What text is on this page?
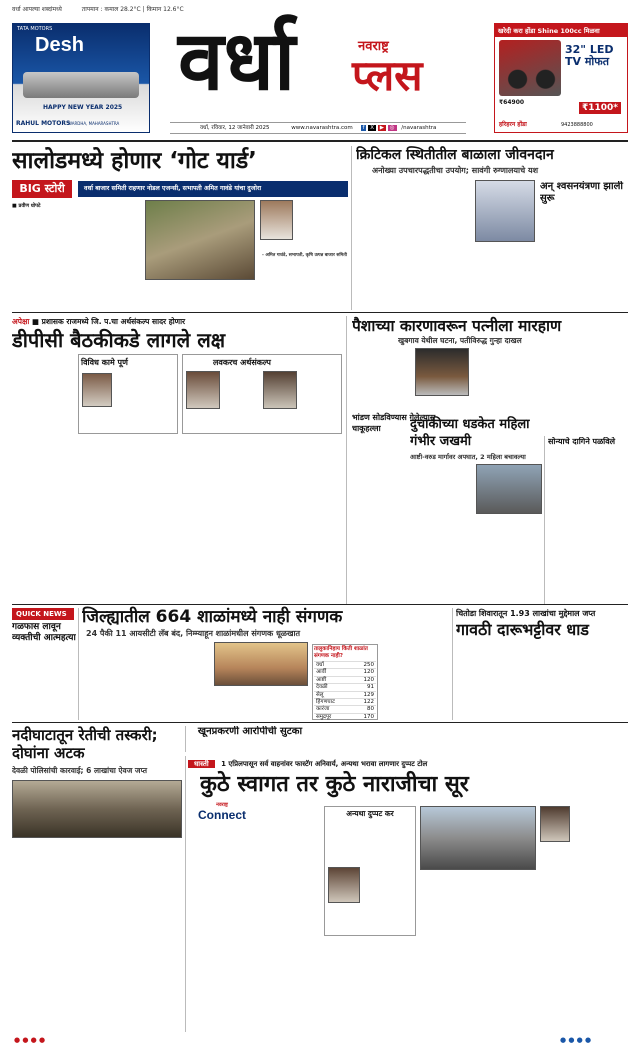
वर्धा आपल्या शब्दांमध्ये	तापमान : कमाल 28.2°C | किमान 12.6°C
TATA MOTORS
Desh
HAPPY NEW YEAR 2025
RAHUL MOTORS
WARDHA, MAHARASHTRA
वर्धा	नवराष्ट्र
प्लस
वर्धा, रविवार, 12 जानेवारी 2025	www.navarashtra.com f X ▶ ◎ /navarashtra
खरेदी करा होंडा Shine 100cc मिळवा
32" LED TV मोफत
₹64900
₹1100*
हरिहरन होंडा	9423888800
सालोडमध्ये होणार ‘गोट यार्ड’
BIG स्टोरी	वर्धा बाजार समिती राहणार नोडल एजन्सी, सभापती अमित गावंडे यांचा दुजोरा
■ प्रवीण धोपटे
- अमित गावंडे, सभापती, कृषि उत्पन्न बाजार समिती
क्रिटिकल स्थितीतील बाळाला जीवनदान
अनोख्या उपचारपद्धतीचा उपयोग; सावंगी रुग्णालयाचे यश
अन् श्वसनयंत्रणा झाली सुरू
अपेक्षा ■ प्रशासक राजमध्ये जि. प.चा अर्थसंकल्प सादर होणार
डीपीसी बैठकीकडे लागले लक्ष
विविध कामे पूर्ण	लवकरच अर्थसंकल्प
पैशाच्या कारणावरून पत्नीला मारहाण
खुबगाव येथील घटना, पतीविरुद्ध गुन्हा दाखल
सोन्याचे दागिने पळविले
भांडण सोडविण्यास गेलेल्यास चाकूहल्ला	दुचाकीच्या धडकेत महिला गंभीर जखमी
आष्टी-वरुड मार्गावर अपघात, 2 महिला बचावल्या
QUICK NEWS
गळफास लावून व्यक्तीची आत्महत्या
जिल्ह्यातील 664 शाळांमध्ये नाही संगणक
24 पैकी 11 आयसीटी लॅब बंद, निम्म्याहून शाळांमधील संगणक धूळखात
तालुकानिहाय किती शाळांत संगणक नाही?
वर्धा	250
आर्वी	120
आष्टी	120
देवळी	91
सेलू	129
हिंगणघाट	122
कारंजा	80
समुद्रपूर	170
चितोडा शिवारातून 1.93 लाखांचा मुद्देमाल जप्त
गावठी दारूभट्टीवर धाड
नदीघाटातून रेतीची तस्करी; दोघांना अटक
देवळी पोलिसांची कारवाई; 6 लाखांचा ऐवज जप्त
खूनप्रकरणी आरोपीची सुटका
धास्ती 1 एप्रिलपासून सर्व वाहनांवर फास्टॅग अनिवार्य, अन्यथा भरावा लागणार दुप्पट टोल
कुठे स्वागत तर कुठे नाराजीचा सूर
नवराष्ट्र
Connect	अन्यथा दुप्पट कर
● ● ● ●	● ● ● ●
